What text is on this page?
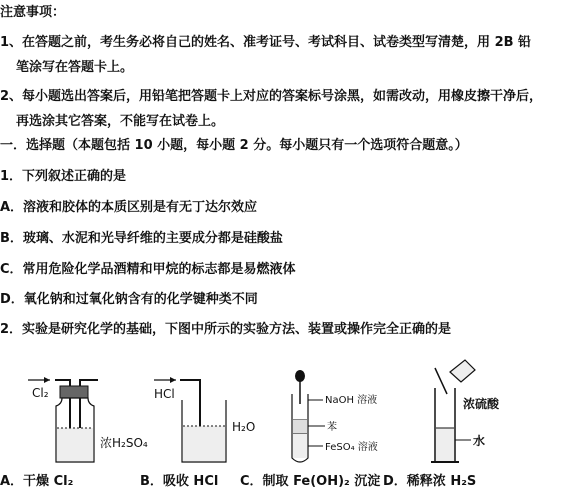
注意事项：
1、在答题之前，考生务必将自己的姓名、准考证号、考试科目、试卷类型写清楚，用 2B 铅
笔涂写在答题卡上。
2、每小题选出答案后，用铅笔把答题卡上对应的答案标号涂黑，如需改动，用橡皮擦干净后，
再选涂其它答案，不能写在试卷上。
一．选择题（本题包括 10 小题，每小题 2 分。每小题只有一个选项符合题意。）
1．下列叙述正确的是
A．溶液和胶体的本质区别是有无丁达尔效应
B．玻璃、水泥和光导纤维的主要成分都是硅酸盐
C．常用危险化学品酒精和甲烷的标志都是易燃液体
D．氧化钠和过氧化钠含有的化学键种类不同
2．实验是研究化学的基础，下图中所示的实验方法、装置或操作完全正确的是
Cl₂
浓H₂SO₄
A．干燥 Cl₂
HCl
H₂O
B．吸收 HCl
NaOH 溶液
苯
FeSO₄ 溶液
C．制取 Fe(OH)₂ 沉淀
浓硫酸
水
D．稀释浓 H₂S
